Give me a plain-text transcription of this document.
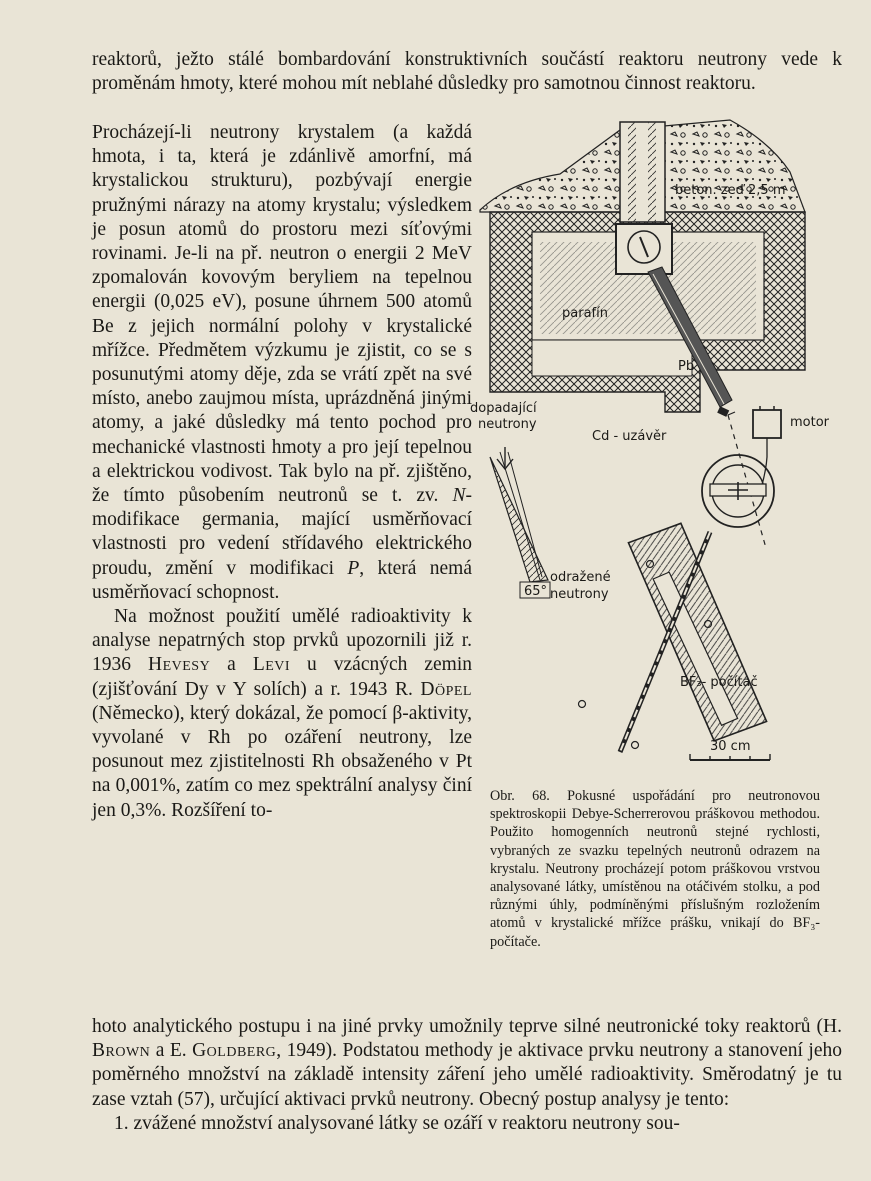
reaktorů, ježto stálé bombardování konstruktivních součástí reaktoru neutrony vede k proměnám hmoty, které mohou mít neblahé důsledky pro samotnou činnost reaktoru.

Procházejí-li neutrony krystalem (a každá hmota, i ta, která je zdánlivě amorfní, má krystalickou strukturu), pozbývají energie pružnými nárazy na atomy krystalu; výsledkem je posun atomů do prostoru mezi síťovými rovinami. Je-li na př. neutron o energii 2 MeV zpomalován kovovým beryliem na tepelnou energii (0,025 eV), posune úhrnem 500 atomů Be z jejich normální polohy v krystalické mřížce. Předmětem výzkumu je zjistit, co se s posunutými atomy děje, zda se vrátí zpět na své místo, anebo zaujmou místa, uprázdněná jinými atomy, a jaké důsledky má tento pochod pro mechanické vlastnosti hmoty a pro její tepelnou a elektrickou vodivost. Tak bylo na př. zjištěno, že tímto působením neutronů se t. zv. N-modifikace germania, mající usměrňovací vlastnosti pro vedení střídavého elektrického proudu, změní v modifikaci P, která nemá usměrňovací schopnost.

Na možnost použití umělé radioaktivity k analyse nepatrných stop prvků upozornili již r. 1936 Hevesy a Levi u vzácných zemin (zjišťování Dy v Y solích) a r. 1943 R. Döpel (Německo), který dokázal, že pomocí β-aktivity, vyvolané v Rh po ozáření neutrony, lze posunout mez zjistitelnosti Rh obsaženého v Pt na 0,001%, zatím co mez spektrální analysy činí jen 0,3%. Rozšíření to-

beton. zeď 2,5 m
parafín
Pb
dopadající
neutrony
Cd - uzávěr
motor
odražené
neutrony
65°
BF₃- počítač
30 cm
Obr. 68. Pokusné uspořádání pro neutronovou spektroskopii Debye-Scherrerovou práškovou methodou. Použito homogenních neutronů stejné rychlosti, vybraných ze svazku tepelných neutronů odrazem na krystalu. Neutrony procházejí potom práškovou vrstvou analysované látky, umístěnou na otáčivém stolku, a pod různými úhly, podmíněnými příslušným rozložením atomů v krystalické mřížce prášku, vnikají do BF₃-počítače.

hoto analytického postupu i na jiné prvky umožnily teprve silné neutronické toky reaktorů (H. Brown a E. Goldberg, 1949). Podstatou methody je aktivace prvku neutrony a stanovení jeho poměrného množství na základě intensity záření jeho umělé radioaktivity. Směrodatný je tu zase vztah (57), určující aktivaci prvků neutrony. Obecný postup analysy je tento:

1. zvážené množství analysované látky se ozáří v reaktoru neutrony sou-
